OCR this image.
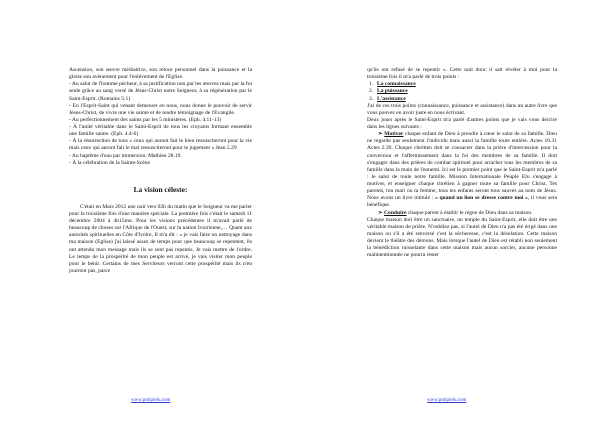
Ascension, son œuvre médiatrice, son retour personnel dans la puissance et la gloire son avènement pour l'enlèvement de l'Eglise.

- Au salut de l'homme pécheur, à sa justification non par les œuvres mais par la foi seule grâce au sang versé de Jésus-Christ notre Seigneur, à sa régénération par le Saint-Esprit. (Romains 5:1)

- En l'Esprit-Saint qui venant demeurer en nous, nous donne le pouvoir de servir Jésus-Christ, de vivre une vie sainte et de rendre témoignage de l'Evangile.

- Au perfectionnement des saints par les 5 ministères. (Eph. 4.11-13)

- À l'unité véritable dans le Saint-Esprit de tous les croyants formant ensemble une famille sainte. (Eph. 4.4-6)

- À la résurrection de tous « ceux qui auront fait le bien ressusciteront pour la vie mais ceux qui auront fait le mal ressusciteront pour le jugement » Jean 5.29

- Au baptême d'eau par immersion. Mathieu 28.19.

- À la célébration de la Sainte-Scène

La vision céleste:

C'était en Mars 2012 une nuit vers 02h du matin que le Seigneur va me parler pour la troisième fois d'une manière spéciale. La première fois c'était le samedi 11 décembre 2004 à 4h15mn. Pour les visions précédentes il m'avait parlé de beaucoup de choses sur l'Afrique de l'Ouest, sur la nation Ivoirienne,… Quant aux autorités spirituelles en Côte d'Ivoire, Il m'a dit : « je vais faire un nettoyage dans ma maison (Eglise) j'ai laissé assez de temps pour que beaucoup se repentent, ils ont attendu mon message mais ils se sont pas repentis. Je vais mettre de l'ordre. Le temps de la prospérité de mon peuple est arrivé, je vais visiter mon peuple pour le bénir. Certains de mes Serviteurs verront cette prospérité mais ils n'en jouiront pas, parce

www.pmiplelu.com

qu'ils ont refusé de se repentir ». Cette nuit donc il sait révéler à moi pour la troisième fois il m'a parlé de trois points :

1. La connaissance
2. La puissance
3. L'assistance

J'ai de ces trois points (connaissance, puissance et assistance) dans un autre livre que vous pouvez en avoir juste en nous écrivant.

Deux jours après le Saint-Esprit m'a parlé d'autres points que je vais vous décrire dans les lignes suivants :

➢ Motiver chaque enfant de Dieu à prendre à cœur le salut de sa famille. Dieu ne regarde pas seulement l'individu mais aussi la famille toute entière. Actes 16.31 Actes 2.39. Chaque chrétien doit se consacrer dans la prière d'intercession pour la conversion et l'affermissement dans la foi des membres de sa famille. Il doit s'engager dans des prières de combat spirituel pour arracher tous les membres de sa famille dans la main de l'ennemi. Ici est le premier point que le Saint-Esprit m'a parlé : le salut de toute notre famille. Mission Internationale Peuple Elu s'engage à motiver, et enseigner chaque chrétien à gagner toute sa famille pour Christ. Tes parents, ton mari ou ta femme, tous tes enfants seront tous sauvés au nom de Jésus. Nous avons un livre intitulé : « quand un lion se dresse contre moi », il vous sera bénéfique.

➢ Conduire chaque parent à établir le règne de Dieu dans sa maison.

Chaque maison doit être un sanctuaire, un temple du Saint-Esprit, elle doit être une véritable maison de prière. N'oubliez pas, si l'autel de Dieu n'a pas été érigé dans une maison ou s'il a été renversé c'est la sécheresse, c'est la désolation. Cette maison devient le théâtre des démons. Mais lorsque l'autel de Dieu est rétabli non seulement la bénédiction ruisselante dans cette maison mais aucun sorcier, aucune personne malintentionnée ne pourra rester

www.pmiplelu.com
